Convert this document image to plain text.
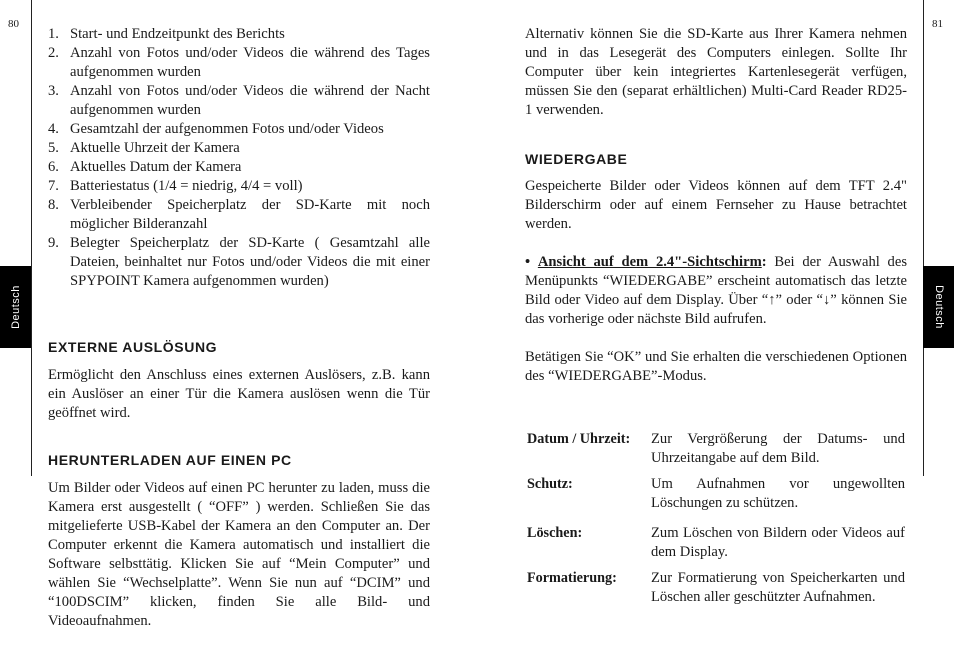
80	81
Deutsch	Deutsch
1. Start- und Endzeitpunkt des Berichts
2. Anzahl von Fotos und/oder Videos die während des Tages aufgenommen wurden
3. Anzahl von Fotos und/oder Videos die während der Nacht aufgenommen wurden
4. Gesamtzahl der aufgenommen Fotos und/oder Videos
5. Aktuelle Uhrzeit der Kamera
6. Aktuelles Datum der Kamera
7. Batteriestatus (1/4 = niedrig, 4/4 = voll)
8. Verbleibender Speicherplatz der SD-Karte mit noch möglicher Bilderanzahl
9. Belegter Speicherplatz der SD-Karte ( Gesamtzahl alle Dateien, beinhaltet nur Fotos und/oder Videos die mit einer SPYPOINT Kamera aufgenommen wurden)
EXTERNE AUSLÖSUNG

Ermöglicht den Anschluss eines externen Auslösers, z.B. kann ein Auslöser an einer Tür die Kamera auslösen wenn die Tür geöffnet wird.

HERUNTERLADEN AUF EINEN PC

Um Bilder oder Videos auf einen PC herunter zu laden, muss die Kamera erst ausgestellt ( “OFF” ) werden. Schließen Sie das mitgelieferte USB-Kabel der Kamera an den Computer an. Der Computer erkennt die Kamera automatisch und installiert die Software selbsttätig. Klicken Sie auf “Mein Computer” und wählen Sie “Wechselplatte”. Wenn Sie nun auf “DCIM” und “100DSCIM” klicken, finden Sie alle Bild- und Videoaufnahmen.

Alternativ können Sie die SD-Karte aus Ihrer Kamera nehmen und in das Lesegerät des Computers einlegen. Sollte Ihr Computer über kein integriertes Kartenlesegerät verfügen, müssen Sie den (separat erhältlichen) Multi-Card Reader RD25-1 verwenden.

WIEDERGABE

Gespeicherte Bilder oder Videos können auf dem TFT 2.4" Bilderschirm oder auf einem Fernseher zu Hause betrachtet werden.

• Ansicht auf dem 2.4"-Sichtschirm: Bei der Auswahl des Menüpunkts “WIEDERGABE” erscheint automatisch das letzte Bild oder Video auf dem Display. Über “↑” oder “↓” können Sie das vorherige oder nächste Bild aufrufen.

Betätigen Sie “OK” und Sie erhalten die verschiedenen Optionen des “WIEDERGABE”-Modus.

Datum / Uhrzeit:	Zur Vergrößerung der Datums- und Uhrzeitangabe auf dem Bild.
Schutz:	Um Aufnahmen vor ungewollten Löschungen zu schützen.
Löschen:	Zum Löschen von Bildern oder Videos auf dem Display.
Formatierung:	Zur Formatierung von Speicherkarten und Löschen aller geschützter Aufnahmen.
